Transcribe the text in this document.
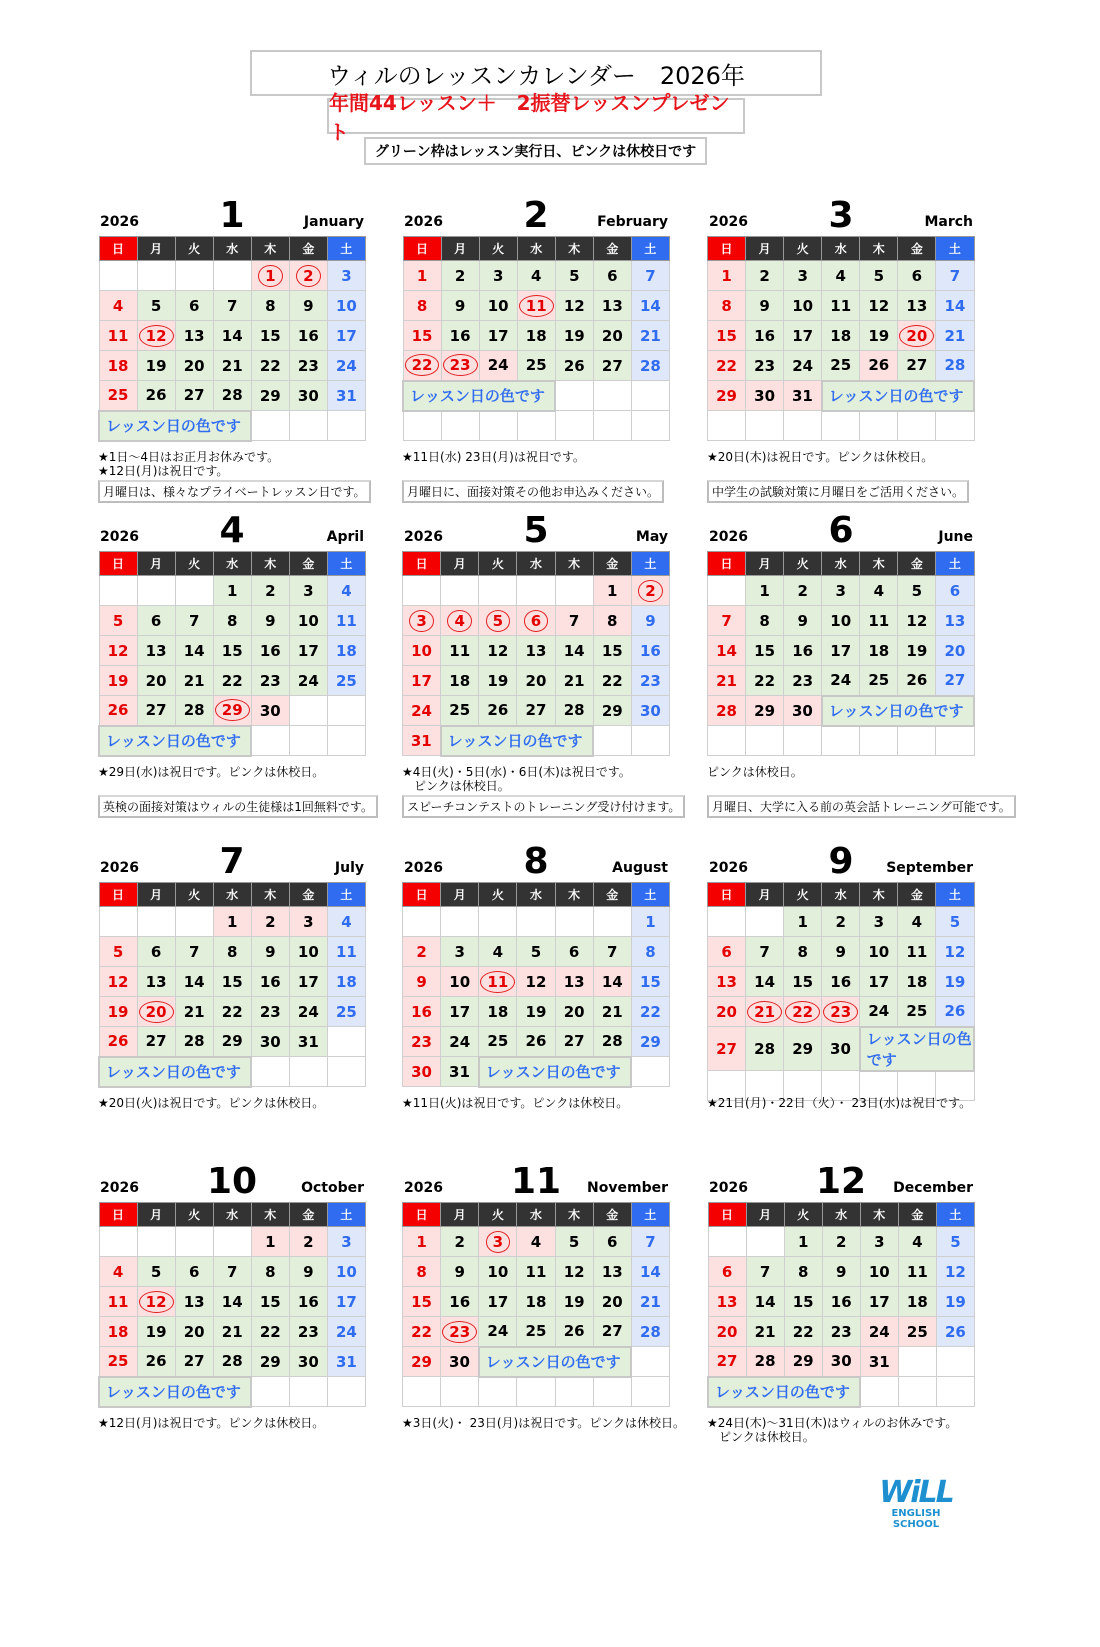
ウィルのレッスンカレンダー　2026年
年間44レッスン＋　2振替レッスンプレゼント
グリーン枠はレッスン実行日、ピンクは休校日です
2026	1	January
日	月	火	水	木	金	土
				1	2	3
4	5	6	7	8	9	10
11	12	13	14	15	16	17
18	19	20	21	22	23	24
25	26	27	28	29	30	31
レッスン日の色です						
★1日～4日はお正月お休みです。
★12日(月)は祝日です。
月曜日は、様々なプライベートレッスン日です。
2026	2	February
日	月	火	水	木	金	土
1	2	3	4	5	6	7
8	9	10	11	12	13	14
15	16	17	18	19	20	21
22	23	24	25	26	27	28
レッスン日の色です						

★11日(水) 23日(月)は祝日です。
月曜日に、面接対策その他お申込みください。
2026	3	March
日	月	火	水	木	金	土
1	2	3	4	5	6	7
8	9	10	11	12	13	14
15	16	17	18	19	20	21
22	23	24	25	26	27	28
29	30	31	レッスン日の色です			

★20日(木)は祝日です。ピンクは休校日。
中学生の試験対策に月曜日をご活用ください。
2026	4	April
日	月	火	水	木	金	土
			1	2	3	4
5	6	7	8	9	10	11
12	13	14	15	16	17	18
19	20	21	22	23	24	25
26	27	28	29	30		
レッスン日の色です						
★29日(水)は祝日です。ピンクは休校日。
英検の面接対策はウィルの生徒様は1回無料です。
2026	5	May
日	月	火	水	木	金	土
					1	2
3	4	5	6	7	8	9
10	11	12	13	14	15	16
17	18	19	20	21	22	23
24	25	26	27	28	29	30
31	レッスン日の色です					
★4日(火)・5日(水)・6日(木)は祝日です。
　ピンクは休校日。
スピーチコンテストのトレーニング受け付けます。
2026	6	June
日	月	火	水	木	金	土
	1	2	3	4	5	6
7	8	9	10	11	12	13
14	15	16	17	18	19	20
21	22	23	24	25	26	27
28	29	30	レッスン日の色です			

ピンクは休校日。
月曜日、大学に入る前の英会話トレーニング可能です。
2026	7	July
日	月	火	水	木	金	土
			1	2	3	4
5	6	7	8	9	10	11
12	13	14	15	16	17	18
19	20	21	22	23	24	25
26	27	28	29	30	31	
レッスン日の色です						
★20日(火)は祝日です。ピンクは休校日。
2026	8	August
日	月	火	水	木	金	土
						1
2	3	4	5	6	7	8
9	10	11	12	13	14	15
16	17	18	19	20	21	22
23	24	25	26	27	28	29
30	31	レッスン日の色です				
★11日(火)は祝日です。ピンクは休校日。
2026	9	September
日	月	火	水	木	金	土
		1	2	3	4	5
6	7	8	9	10	11	12
13	14	15	16	17	18	19
20	21	22	23	24	25	26
27	28	29	30	レッスン日の色です		

★21日(月)・22日（火）・ 23日(水)は祝日です。
2026	10	October
日	月	火	水	木	金	土
				1	2	3
4	5	6	7	8	9	10
11	12	13	14	15	16	17
18	19	20	21	22	23	24
25	26	27	28	29	30	31
レッスン日の色です						
★12日(月)は祝日です。ピンクは休校日。
2026	11	November
日	月	火	水	木	金	土
1	2	3	4	5	6	7
8	9	10	11	12	13	14
15	16	17	18	19	20	21
22	23	24	25	26	27	28
29	30	レッスン日の色です				

★3日(火)・ 23日(月)は祝日です。ピンクは休校日。
2026	12	December
日	月	火	水	木	金	土
		1	2	3	4	5
6	7	8	9	10	11	12
13	14	15	16	17	18	19
20	21	22	23	24	25	26
27	28	29	30	31		
レッスン日の色です						
★24日(木)～31日(木)はウィルのお休みです。
　ピンクは休校日。
WiLL
ENGLISH SCHOOL
